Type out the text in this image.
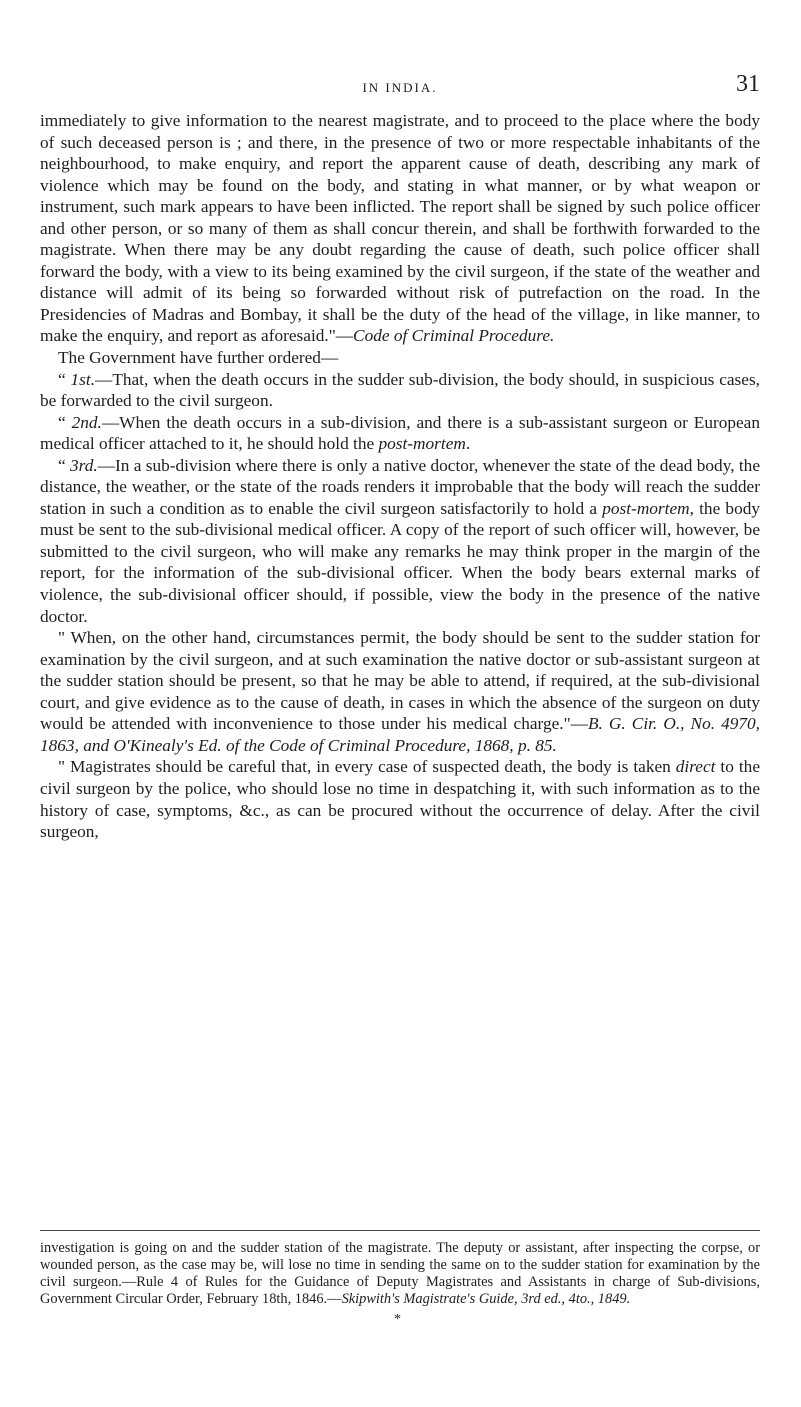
IN INDIA.	31

immediately to give information to the nearest magistrate, and to proceed to the place where the body of such deceased person is ; and there, in the presence of two or more respectable inhabitants of the neighbourhood, to make enquiry, and report the apparent cause of death, describing any mark of violence which may be found on the body, and stating in what manner, or by what weapon or instrument, such mark appears to have been inflicted. The report shall be signed by such police officer and other person, or so many of them as shall concur therein, and shall be forthwith forwarded to the magistrate. When there may be any doubt regarding the cause of death, such police officer shall forward the body, with a view to its being examined by the civil surgeon, if the state of the weather and distance will admit of its being so forwarded without risk of putrefaction on the road. In the Presidencies of Madras and Bombay, it shall be the duty of the head of the village, in like manner, to make the enquiry, and report as aforesaid."—Code of Criminal Procedure.

The Government have further ordered—

“ 1st.—That, when the death occurs in the sudder sub-division, the body should, in suspicious cases, be forwarded to the civil surgeon.

“ 2nd.—When the death occurs in a sub-division, and there is a sub-assistant surgeon or European medical officer attached to it, he should hold the post-mortem.

“ 3rd.—In a sub-division where there is only a native doctor, whenever the state of the dead body, the distance, the weather, or the state of the roads renders it improbable that the body will reach the sudder station in such a condition as to enable the civil surgeon satisfactorily to hold a post-mortem, the body must be sent to the sub-divisional medical officer. A copy of the report of such officer will, however, be submitted to the civil surgeon, who will make any remarks he may think proper in the margin of the report, for the information of the sub-divisional officer. When the body bears external marks of violence, the sub-divisional officer should, if possible, view the body in the presence of the native doctor.

" When, on the other hand, circumstances permit, the body should be sent to the sudder station for examination by the civil surgeon, and at such examination the native doctor or sub-assistant surgeon at the sudder station should be present, so that he may be able to attend, if required, at the sub-divisional court, and give evidence as to the cause of death, in cases in which the absence of the surgeon on duty would be attended with inconvenience to those under his medical charge."—B. G. Cir. O., No. 4970, 1863, and O'Kinealy's Ed. of the Code of Criminal Procedure, 1868, p. 85.

" Magistrates should be careful that, in every case of suspected death, the body is taken direct to the civil surgeon by the police, who should lose no time in despatching it, with such information as to the history of case, symptoms, &c., as can be procured without the occurrence of delay. After the civil surgeon,

investigation is going on and the sudder station of the magistrate. The deputy or assistant, after inspecting the corpse, or wounded person, as the case may be, will lose no time in sending the same on to the sudder station for examination by the civil surgeon.—Rule 4 of Rules for the Guidance of Deputy Magistrates and Assistants in charge of Sub-divisions, Government Circular Order, February 18th, 1846.—Skipwith's Magistrate's Guide, 3rd ed., 4to., 1849.

*
